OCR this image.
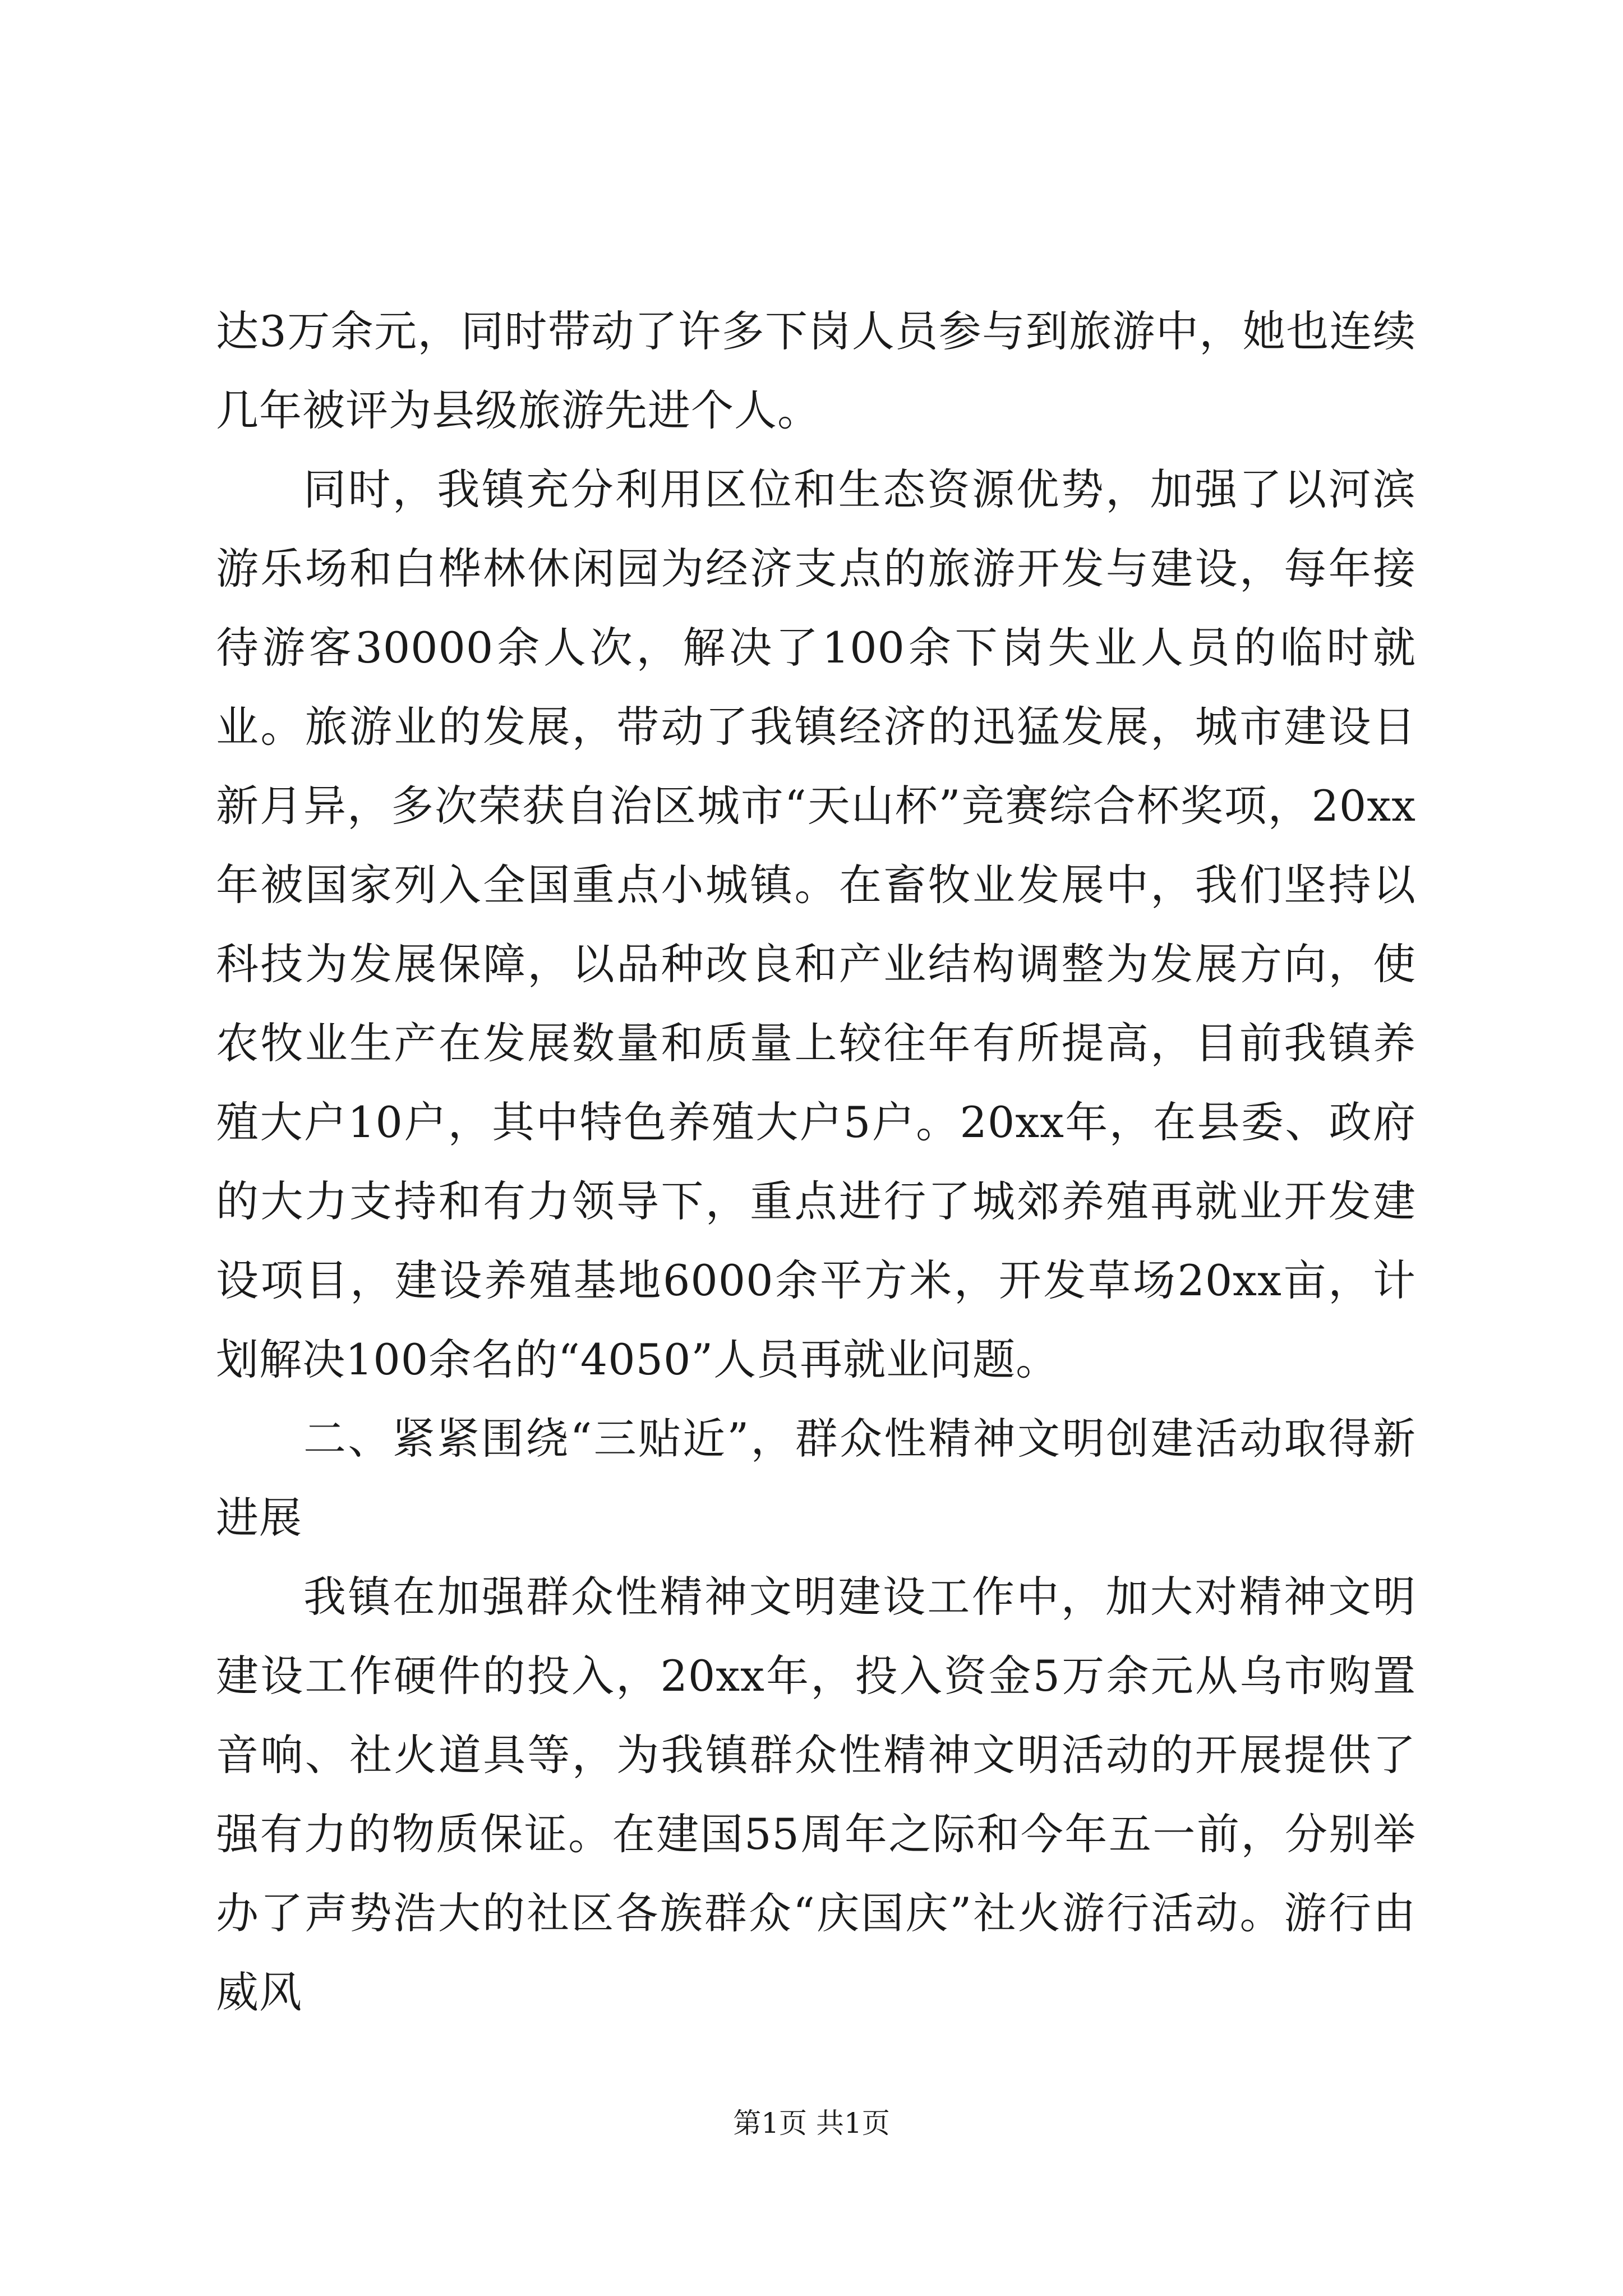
达3万余元，同时带动了许多下岗人员参与到旅游中，她也连续几年被评为县级旅游先进个人。

同时，我镇充分利用区位和生态资源优势，加强了以河滨游乐场和白桦林休闲园为经济支点的旅游开发与建设，每年接待游客30000余人次，解决了100余下岗失业人员的临时就业。旅游业的发展，带动了我镇经济的迅猛发展，城市建设日新月异，多次荣获自治区城市“天山杯”竞赛综合杯奖项，20xx年被国家列入全国重点小城镇。在畜牧业发展中，我们坚持以科技为发展保障，以品种改良和产业结构调整为发展方向，使农牧业生产在发展数量和质量上较往年有所提高，目前我镇养殖大户10户，其中特色养殖大户5户。20xx年，在县委、政府的大力支持和有力领导下，重点进行了城郊养殖再就业开发建设项目，建设养殖基地6000余平方米，开发草场20xx亩，计划解决100余名的“4050”人员再就业问题。

二、紧紧围绕“三贴近”，群众性精神文明创建活动取得新进展

我镇在加强群众性精神文明建设工作中，加大对精神文明建设工作硬件的投入，20xx年，投入资金5万余元从乌市购置音响、社火道具等，为我镇群众性精神文明活动的开展提供了强有力的物质保证。在建国55周年之际和今年五一前，分别举办了声势浩大的社区各族群众“庆国庆”社火游行活动。游行由威风

第1页 共1页
